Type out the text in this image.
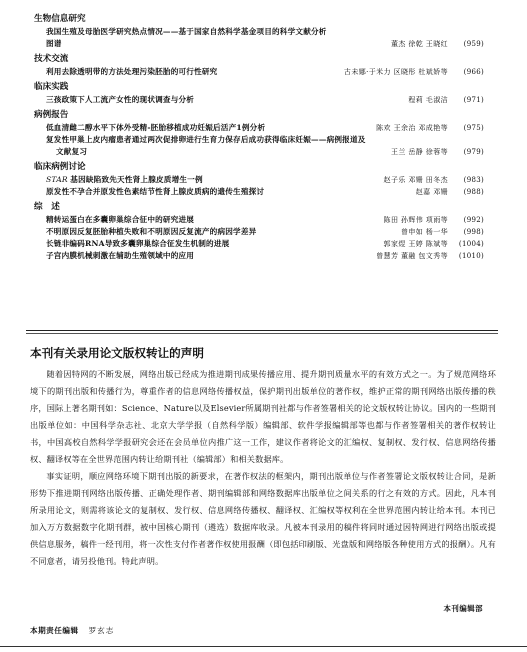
生物信息研究
我国生殖及母胎医学研究热点情况——基于国家自然科学基金项目的科学文献分析
图谱	董杰 徐乾 王晓红 (959)
技术交流
利用去除透明带的方法处理污染胚胎的可行性研究	古未娜·于米力 区晓彤 杜斌娇等 (966)
临床实践
三孩政策下人工流产女性的现状调查与分析	程莉 毛淑洁 (971)
病例报告
低血清雌二醇水平下体外受精-胚胎移植成功妊娠后活产1例分析	陈欢 王余治 邓成艳等 (975)
复发性甲巢上皮内瘤患者通过两次促排卵进行生育力保存后成功获得临床妊娠——病例报道及
文献复习	王兰 岳静 徐蓉等 (979)
临床病例讨论
STAR 基因缺陷致先天性肾上腺皮质增生一例	赵子乐 邓姗 田冬杰 (983)
原发性不孕合并原发性色素结节性肾上腺皮质病的遗传生殖探讨	赵嘉 邓姗 (988)
综　述
精转运蛋白在多囊卵巢综合征中的研究进展	陈田 孙辉伟 项雨等 (992)
不明原因反复胚胎种植失败和不明原因反复流产的病因学差异	曾申如 杨一华 (998)
长链非编码RNA导致多囊卵巢综合征发生机制的进展	郭家煜 王婷 陈斌等 (1004)
子宫内膜机械刺激在辅助生殖领域中的应用	曾慧芳 董融 包文秀等 (1010)
本刊有关录用论文版权转让的声明

随着因特网的不断发展，网络出版已经成为推进期刊成果传播应用、提升期刊质量水平的有效方式之一。为了规范网络环境下的期刊出版和传播行为，尊重作者的信息网络传播权益，保护期刊出版单位的著作权，维护正常的期刊网络出版传播的秩序，国际上著名期刊如：Science、Nature以及Elsevier所属期刊社都与作者签署相关的论文版权转让协议。国内的一些期刊出版单位如：中国科学杂志社、北京大学学报（自然科学版）编辑部、软件学报编辑部等也都与作者签署相关的著作权转让书，中国高校自然科学学报研究会还在会员单位内推广这一工作，建议作者将论文的汇编权、复制权、发行权、信息网络传播权、翻译权等在全世界范围内转让给期刊社（编辑部）和相关数据库。

事实证明，顺应网络环境下期刊出版的新要求，在著作权法的框架内，期刊出版单位与作者签署论文版权转让合同，是新形势下推进期刊网络出版传播、正确处理作者、期刊编辑部和网络数据库出版单位之间关系的行之有效的方式。因此，凡本刊所录用论文，则需将该论文的复制权、发行权、信息网络传播权、翻译权、汇编权等权利在全世界范围内转让给本刊。本刊已加入万方数据数字化期刊群，被中国核心期刊（遴选）数据库收录。凡被本刊录用的稿件将同时通过因特网进行网络出版或提供信息服务，稿件一经刊用，将一次性支付作者著作权使用报酬（即包括印刷版、光盘版和网络版各种使用方式的报酬）。凡有不同意者，请另投他刊。特此声明。

本刊编辑部
本期责任编辑 罗玄志
